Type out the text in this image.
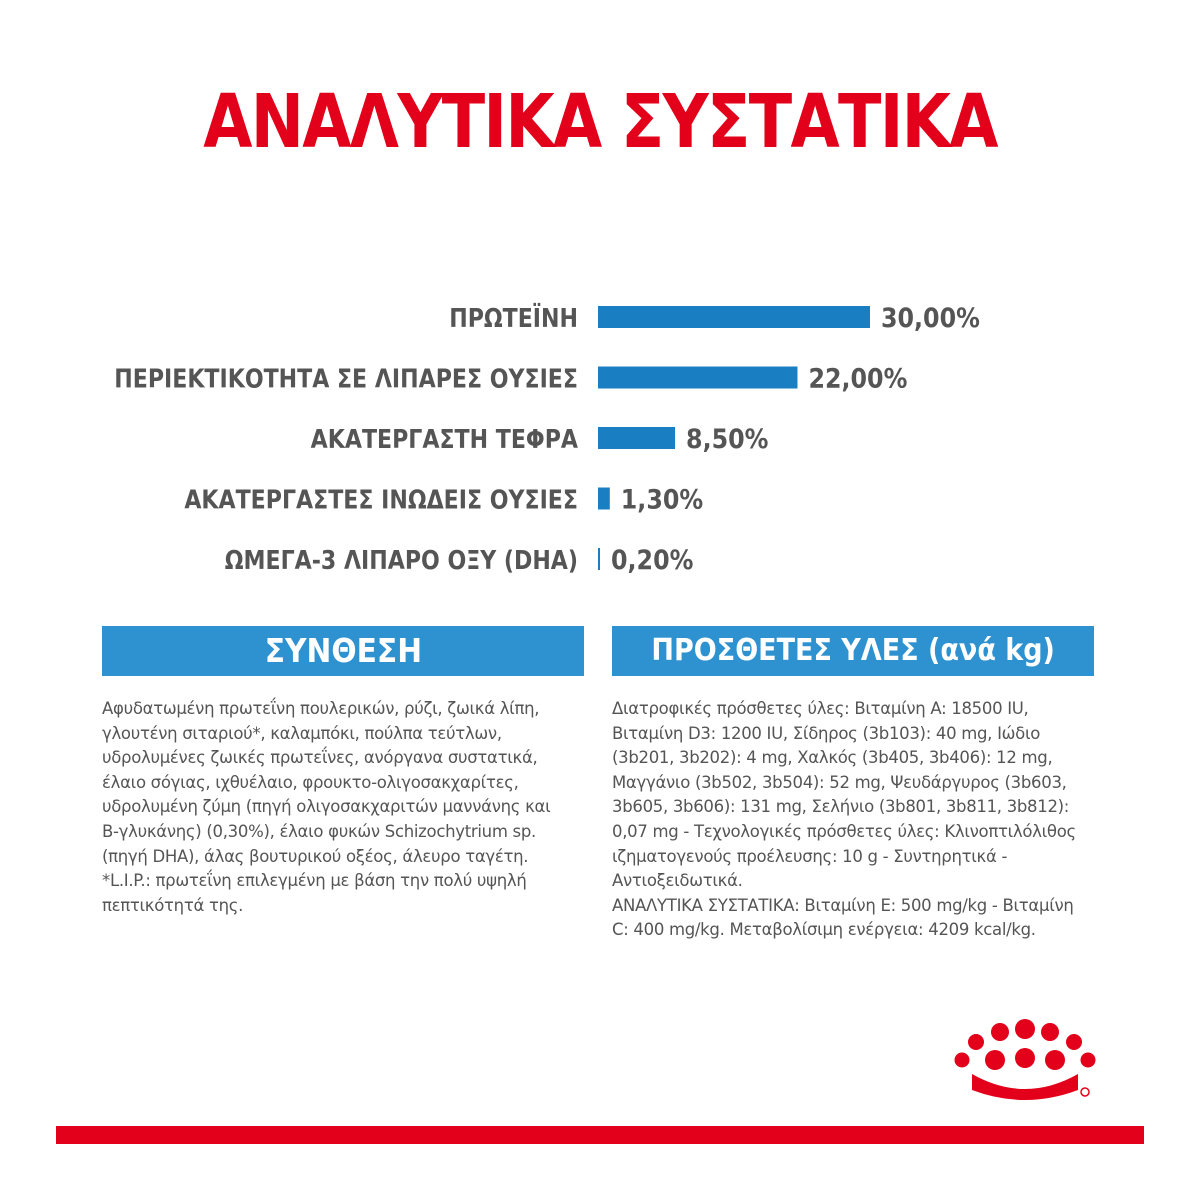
ΑΝΑΛΥΤΙΚΑ ΣΥΣΤΑΤΙΚΑ
ΠΡΩΤΕΪΝΗ	30,00%
ΠΕΡΙΕΚΤΙΚΟΤΗΤΑ ΣΕ ΛΙΠΑΡΕΣ ΟΥΣΙΕΣ	22,00%
ΑΚΑΤΕΡΓΑΣΤΗ ΤΕΦΡΑ	8,50%
ΑΚΑΤΕΡΓΑΣΤΕΣ ΙΝΩΔΕΙΣ ΟΥΣΙΕΣ 1,30%
ΩΜΕΓΑ-3 ΛΙΠΑΡΟ ΟΞΥ (DHA) 0,20%
ΣΥΝΘΕΣΗ
Αφυδατωμένη πρωτεΐνη πουλερικών, ρύζι, ζωικά λίπη,
γλουτένη σιταριού*, καλαμπόκι, πούλπα τεύτλων,
υδρολυμένες ζωικές πρωτεΐνες, ανόργανα συστατικά,
έλαιο σόγιας, ιχθυέλαιο, φρουκτο-ολιγοσακχαρίτες,
υδρολυμένη ζύμη (πηγή ολιγοσακχαριτών μαννάνης και
Β-γλυκάνης) (0,30%), έλαιο φυκών Schizochytrium sp.
(πηγή DHA), άλας βουτυρικού οξέος, άλευρο ταγέτη.
*L.I.P.: πρωτεΐνη επιλεγμένη με βάση την πολύ υψηλή
πεπτικότητά της.
ΠΡΟΣΘΕΤΕΣ ΥΛΕΣ (ανά kg)
Διατροφικές πρόσθετες ύλες: Βιταμίνη A: 18500 IU,
Βιταμίνη D3: 1200 IU, Σίδηρος (3b103): 40 mg, Ιώδιο
(3b201, 3b202): 4 mg, Χαλκός (3b405, 3b406): 12 mg,
Μαγγάνιο (3b502, 3b504): 52 mg, Ψευδάργυρος (3b603,
3b605, 3b606): 131 mg, Σελήνιο (3b801, 3b811, 3b812):
0,07 mg - Τεχνολογικές πρόσθετες ύλες: Κλινοπτιλόλιθος
ιζηματογενούς προέλευσης: 10 g - Συντηρητικά -
Αντιοξειδωτικά.
ΑΝΑΛΥΤΙΚΑ ΣΥΣΤΑΤΙΚΑ: Βιταμίνη E: 500 mg/kg - Βιταμίνη
C: 400 mg/kg. Μεταβολίσιμη ενέργεια: 4209 kcal/kg.
